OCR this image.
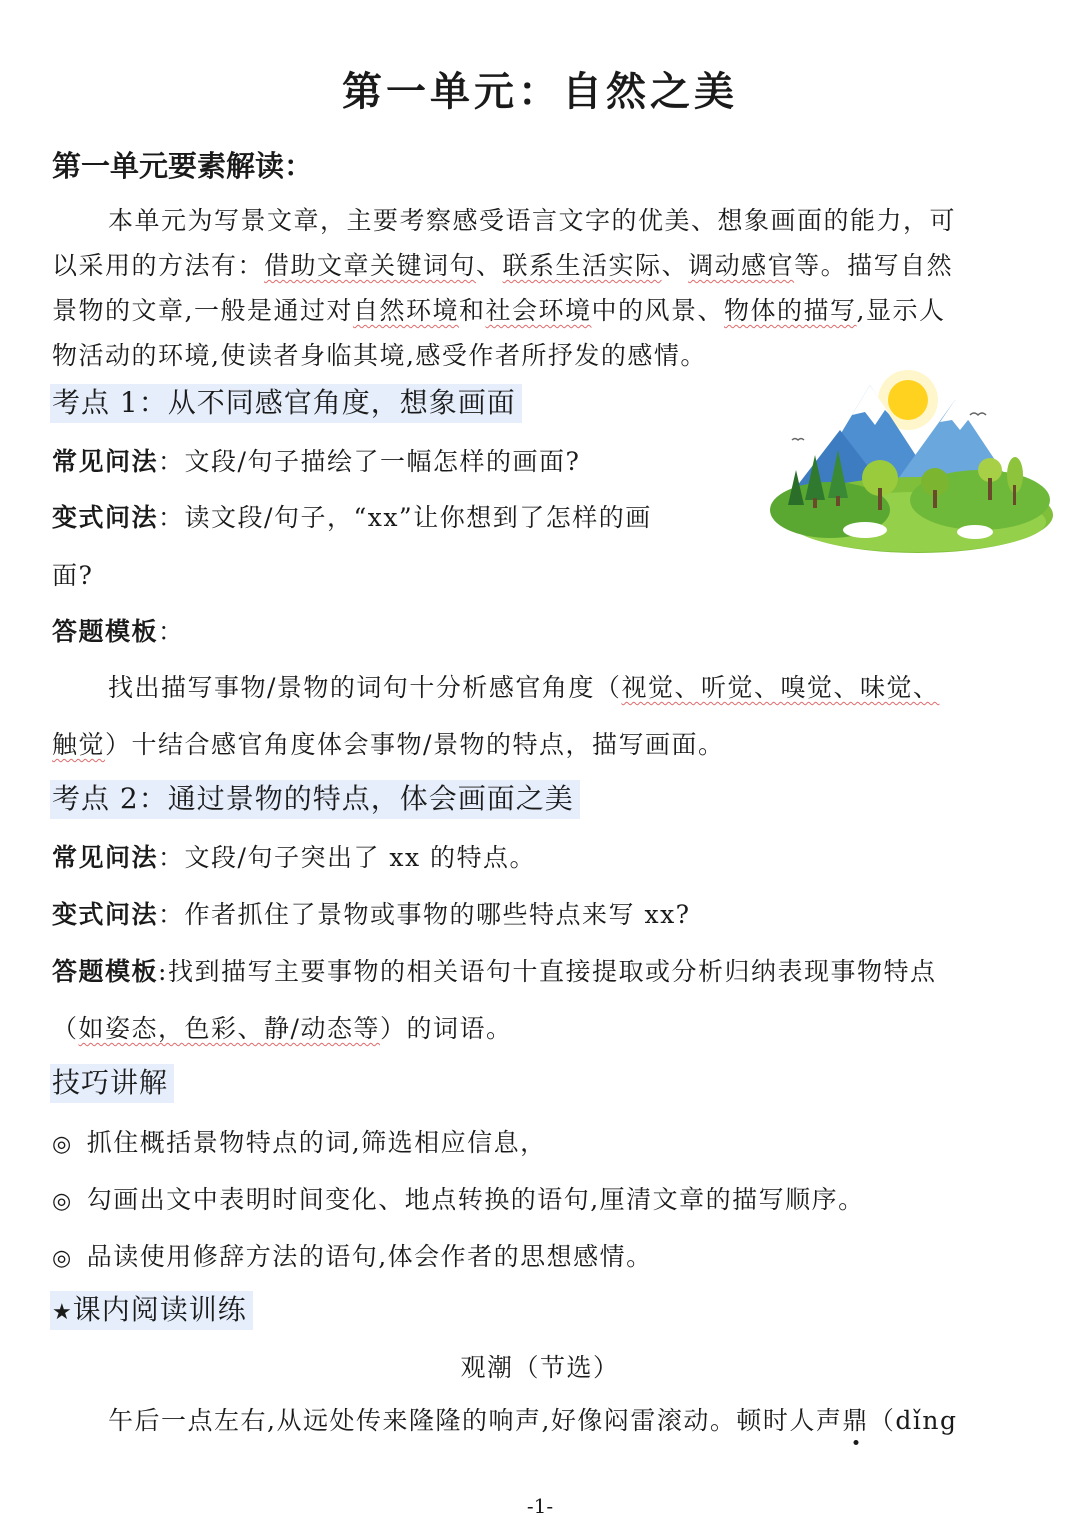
第一单元：自然之美
第一单元要素解读：
本单元为写景文章，主要考察感受语言文字的优美、想象画面的能力，可
以采用的方法有：借助文章关键词句、联系生活实际、调动感官等。描写自然
景物的文章,一般是通过对自然环境和社会环境中的风景、物体的描写,显示人
物活动的环境,使读者身临其境,感受作者所抒发的感情。
考点 1：从不同感官角度，想象画面
常见问法：文段/句子描绘了一幅怎样的画面?
变式问法：读文段/句子，“xx”让你想到了怎样的画
面?
答题模板：
找出描写事物/景物的词句十分析感官角度（视觉、听觉、嗅觉、味觉、
触觉）十结合感官角度体会事物/景物的特点，描写画面。
考点 2：通过景物的特点，体会画面之美
常见问法：文段/句子突出了 xx 的特点。
变式问法：作者抓住了景物或事物的哪些特点来写 xx?
答题模板:找到描写主要事物的相关语句十直接提取或分析归纳表现事物特点
（如姿态，色彩、静/动态等）的词语。
技巧讲解
◎ 抓住概括景物特点的词,筛选相应信息，
◎ 勾画出文中表明时间变化、地点转换的语句,厘清文章的描写顺序。
◎ 品读使用修辞方法的语句,体会作者的思想感情。
★课内阅读训练
观潮（节选）
午后一点左右,从远处传来隆隆的响声,好像闷雷滚动。顿时人声鼎（dǐng
-1-
